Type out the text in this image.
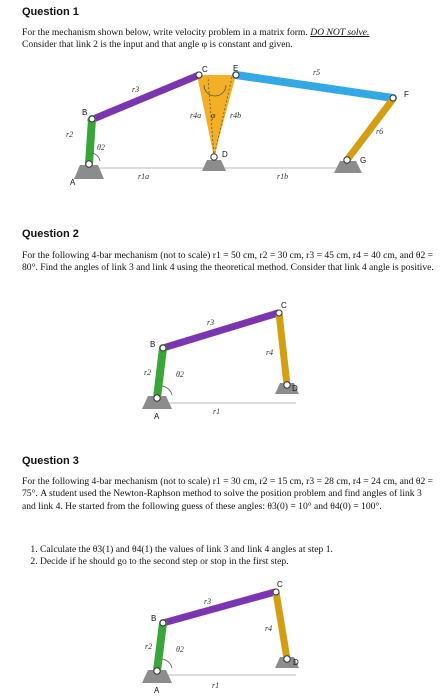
Question 1
For the mechanism shown below, write velocity problem in a matrix form. DO NOT solve.
Consider that link 2 is the input and that angle φ is constant and given.
A
B
C	E
F
G
D
r2
r3
r4a φ r4b
r5
r6
θ2
r1a	r1b
Question 2
For the following 4-bar mechanism (not to scale) r1 = 50 cm, r2 = 30 cm, r3 = 45 cm, r4 = 40 cm, and θ2 = 80°. Find the angles of link 3 and link 4 using the theoretical method. Consider that link 4 angle is positive.
A
B
C
D
r2
r3
r4
θ2
r1
Question 3
For the following 4-bar mechanism (not to scale) r1 = 30 cm, r2 = 15 cm, r3 = 28 cm, r4 = 24 cm, and θ2 = 75°. A student used the Newton-Raphson method to solve the position problem and find angles of link 3 and link 4. He started from the following guess of these angles: θ3(0) = 10° and θ4(0) = 100°.
1. Calculate the θ3(1) and θ4(1) the values of link 3 and link 4 angles at step 1.
2. Decide if he should go to the second step or stop in the first step.
A
B
C
D
r2
r3
r4
θ2
r1
